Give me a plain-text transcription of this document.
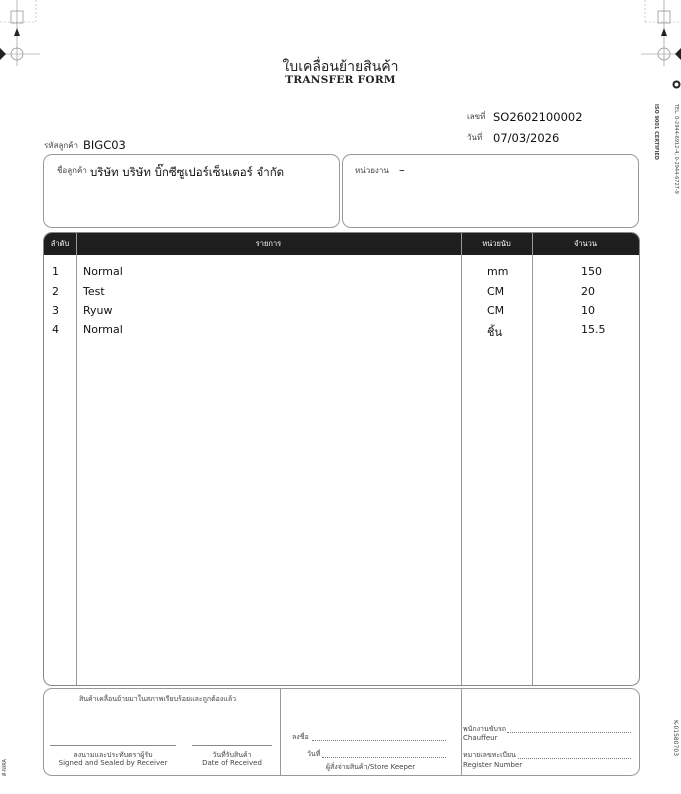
ใบเคลื่อนย้ายสินค้า
TRANSFER FORM
เลขที่ SO2602100002
วันที่ 07/03/2026
รหัสลูกค้า BIGC03
ชื่อลูกค้า บริษัท บริษัท บิ๊กซีซูเปอร์เซ็นเตอร์ จำกัด	หน่วยงาน –
ลำดับ	รายการ	หน่วยนับ	จำนวน
1 Normal	mm	150
2 Test	CM	20
3 Ryuw	CM	10
4 Normal	ชิ้น	15.5
สินค้าเคลื่อนย้ายมาในสภาพเรียบร้อยและถูกต้องแล้ว
ลงนามและประทับตราผู้รับ
Signed and Sealed by Receiver
วันที่รับสินค้า
Date of Received
ลงชื่อ
วันที่
ผู้สั่งจ่ายสินค้า/Store Keeper
พนักงานขับรถ
Chauffeur
หมายเลขทะเบียน
Register Number
TEL. 0-2944-6912-4, 0-2944-6727-9
ISO 9001 CERTIFIED
K-01580703
ตี-NIRA
